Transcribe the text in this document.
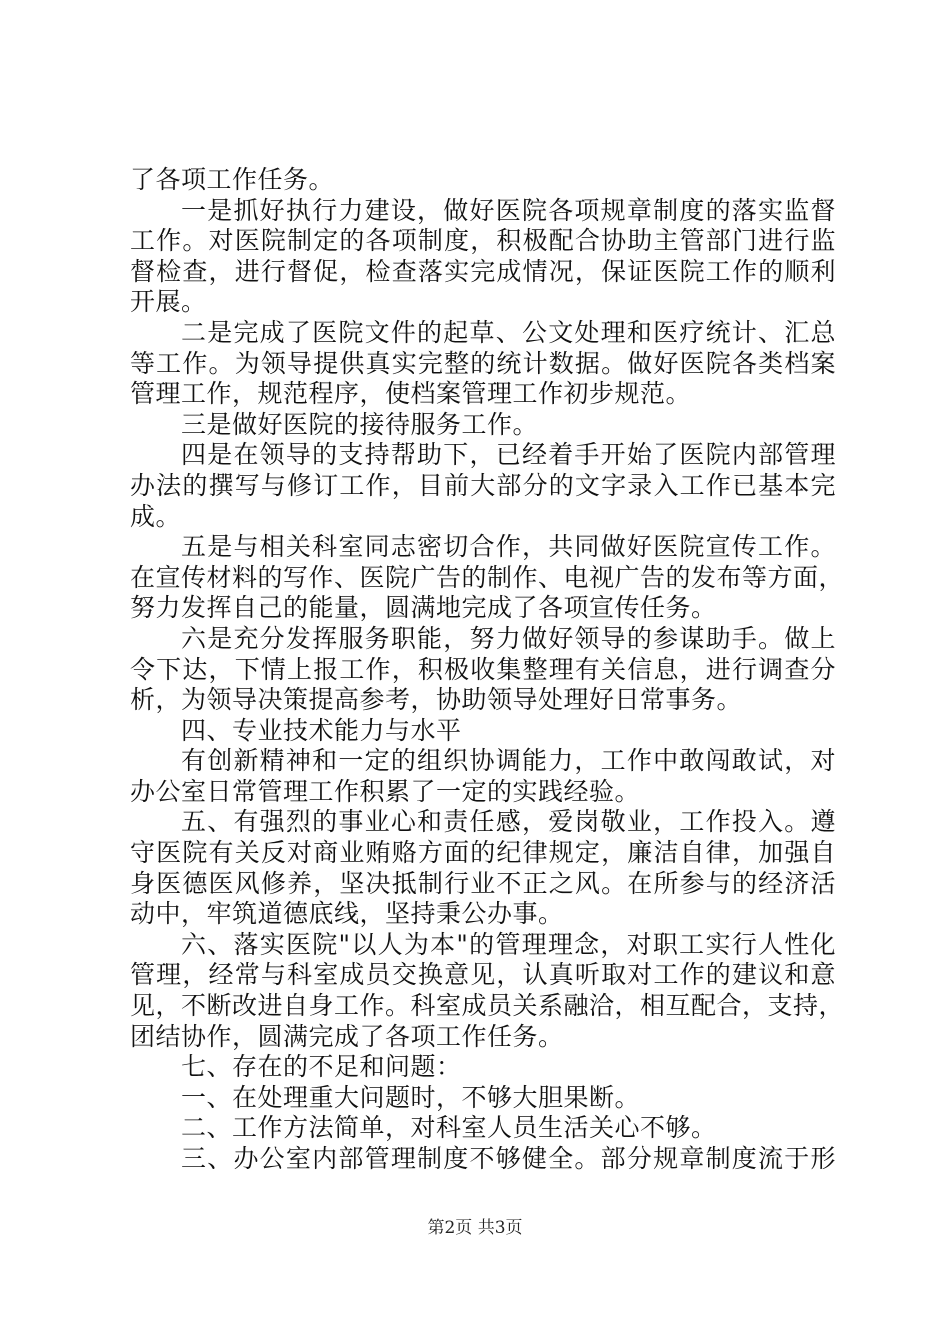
了各项工作任务。
一是抓好执行力建设，做好医院各项规章制度的落实监督
工作。对医院制定的各项制度，积极配合协助主管部门进行监
督检查，进行督促，检查落实完成情况，保证医院工作的顺利
开展。
二是完成了医院文件的起草、公文处理和医疗统计、汇总
等工作。为领导提供真实完整的统计数据。做好医院各类档案
管理工作，规范程序，使档案管理工作初步规范。
三是做好医院的接待服务工作。
四是在领导的支持帮助下，已经着手开始了医院内部管理
办法的撰写与修订工作，目前大部分的文字录入工作已基本完
成。
五是与相关科室同志密切合作，共同做好医院宣传工作。
在宣传材料的写作、医院广告的制作、电视广告的发布等方面，
努力发挥自己的能量，圆满地完成了各项宣传任务。
六是充分发挥服务职能，努力做好领导的参谋助手。做上
令下达，下情上报工作，积极收集整理有关信息，进行调查分
析，为领导决策提高参考，协助领导处理好日常事务。
四、专业技术能力与水平
有创新精神和一定的组织协调能力，工作中敢闯敢试，对
办公室日常管理工作积累了一定的实践经验。
五、有强烈的事业心和责任感，爱岗敬业，工作投入。遵
守医院有关反对商业贿赂方面的纪律规定，廉洁自律，加强自
身医德医风修养，坚决抵制行业不正之风。在所参与的经济活
动中，牢筑道德底线，坚持秉公办事。
六、落实医院"以人为本"的管理理念，对职工实行人性化
管理，经常与科室成员交换意见，认真听取对工作的建议和意
见，不断改进自身工作。科室成员关系融洽，相互配合，支持，
团结协作，圆满完成了各项工作任务。
七、存在的不足和问题：
一、在处理重大问题时，不够大胆果断。
二、工作方法简单，对科室人员生活关心不够。
三、办公室内部管理制度不够健全。部分规章制度流于形
第2页 共3页
